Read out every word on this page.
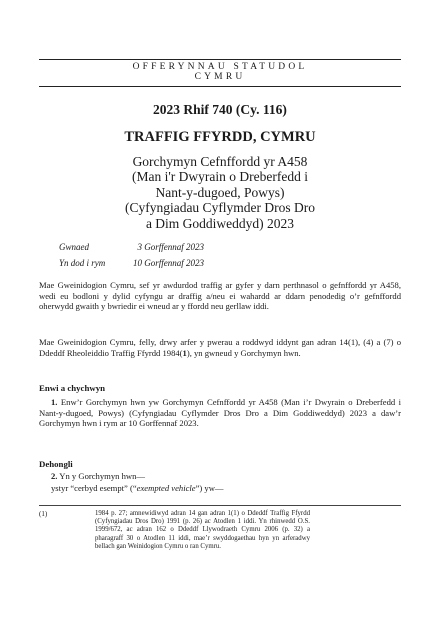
OFFERYNNAU STATUDOL
CYMRU
2023 Rhif 740 (Cy. 116)
TRAFFIG FFYRDD, CYMRU
Gorchymyn Cefnffordd yr A458
(Man i'r Dwyrain o Dreberfedd i
Nant-y-dugoed, Powys)
(Cyfyngiadau Cyflymder Dros Dro
a Dim Goddiweddyd) 2023
Gwnaed	3 Gorffennaf 2023
Yn dod i rym	10 Gorffennaf 2023
Mae Gweinidogion Cymru, sef yr awdurdod traffig ar gyfer y darn perthnasol o gefnffordd yr A458, wedi eu bodloni y dylid cyfyngu ar draffig a/neu ei wahardd ar ddarn penodedig o’r gefnffordd oherwydd gwaith y bwriedir ei wneud ar y ffordd neu gerllaw iddi.
Mae Gweinidogion Cymru, felly, drwy arfer y pwerau a roddwyd iddynt gan adran 14(1), (4) a (7) o Ddeddf Rheoleiddio Traffig Ffyrdd 1984(1), yn gwneud y Gorchymyn hwn.
Enwi a chychwyn
1. Enw’r Gorchymyn hwn yw Gorchymyn Cefnffordd yr A458 (Man i’r Dwyrain o Dreberfedd i Nant-y-dugoed, Powys) (Cyfyngiadau Cyflymder Dros Dro a Dim Goddiweddyd) 2023 a daw’r Gorchymyn hwn i rym ar 10 Gorffennaf 2023.
Dehongli
2. Yn y Gorchymyn hwn—
ystyr “cerbyd esempt” (“exempted vehicle”) yw—
(1)	1984 p. 27; amnewidiwyd adran 14 gan adran 1(1) o Ddeddf Traffig Ffyrdd (Cyfyngiadau Dros Dro) 1991 (p. 26) ac Atodlen 1 iddi. Yn rhinwedd O.S. 1999/672, ac adran 162 o Ddeddf Llywodraeth Cymru 2006 (p. 32) a pharagraff 30 o Atodlen 11 iddi, mae’r swyddogaethau hyn yn arferadwy bellach gan Weinidogion Cymru o ran Cymru.
